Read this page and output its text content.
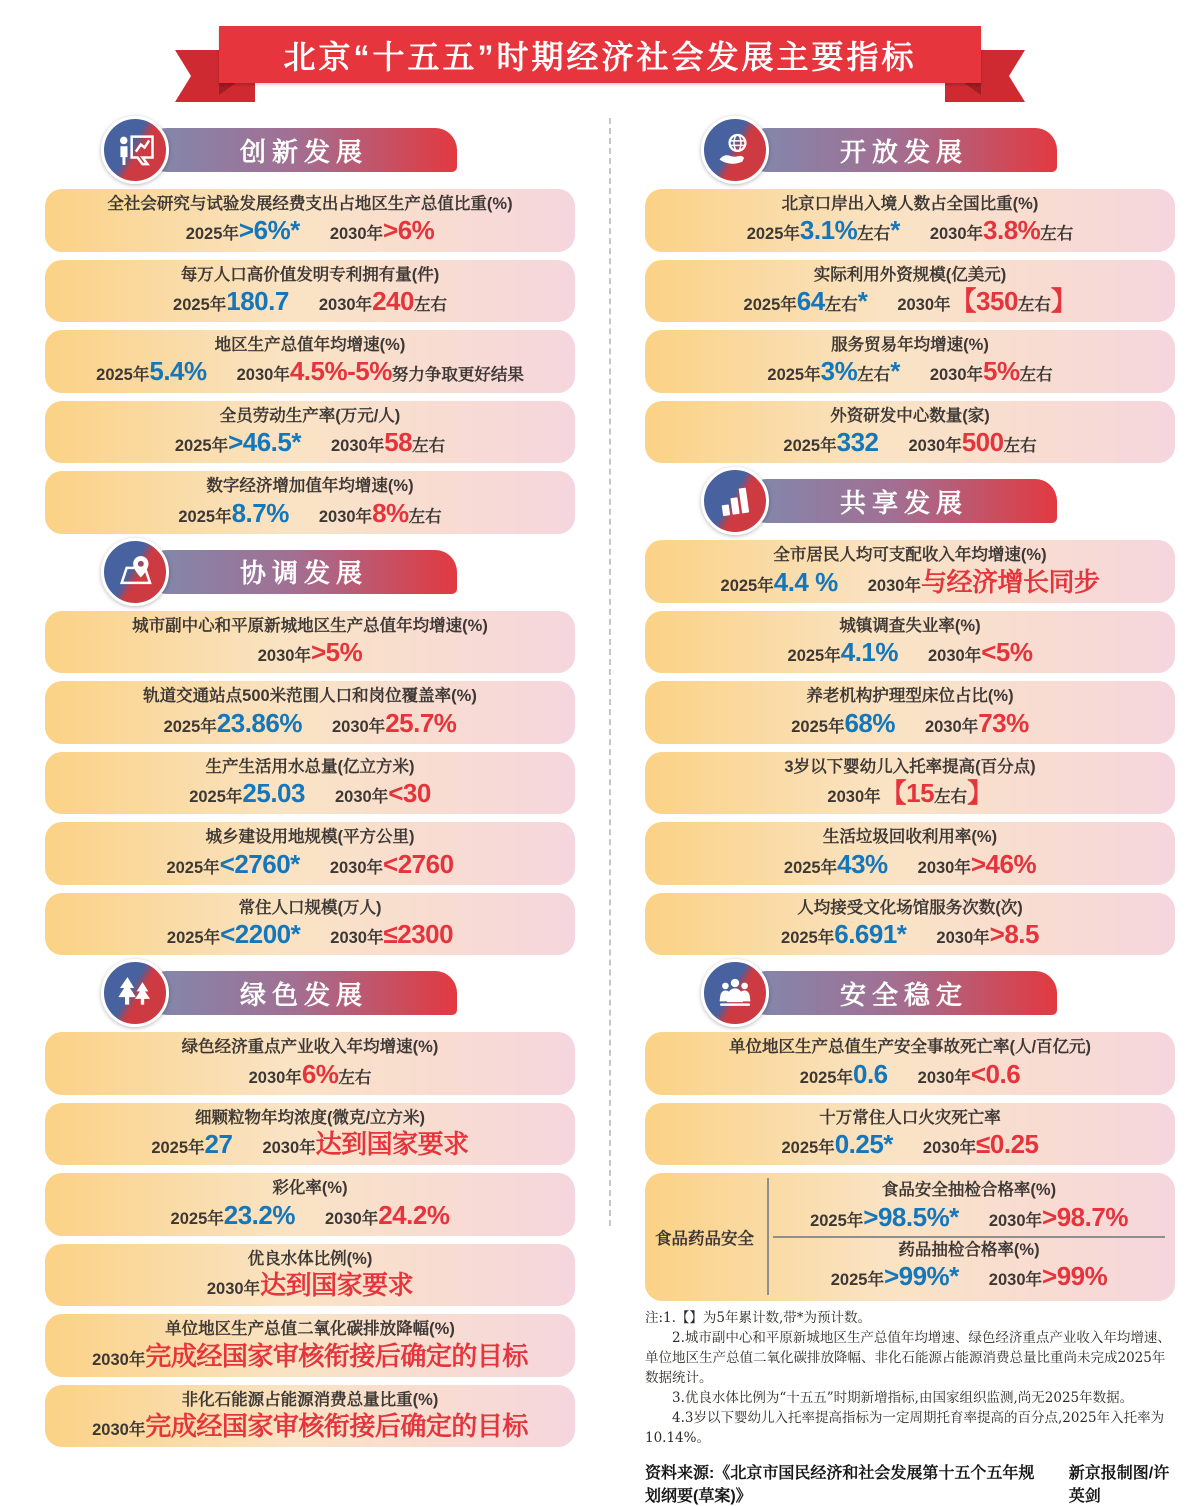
北京“十五五”时期经济社会发展主要指标
创新发展
全社会研究与试验发展经费支出占地区生产总值比重(%)
2025年>6%* 2030年>6%
每万人口高价值发明专利拥有量(件)
2025年180.7 2030年240左右
地区生产总值年均增速(%)
2025年5.4% 2030年4.5%-5%努力争取更好结果
全员劳动生产率(万元/人)
2025年>46.5* 2030年58左右
数字经济增加值年均增速(%)
2025年8.7% 2030年8%左右
协调发展
城市副中心和平原新城地区生产总值年均增速(%)
2030年>5%
轨道交通站点500米范围人口和岗位覆盖率(%)
2025年23.86% 2030年25.7%
生产生活用水总量(亿立方米)
2025年25.03 2030年<30
城乡建设用地规模(平方公里)
2025年<2760* 2030年<2760
常住人口规模(万人)
2025年<2200* 2030年≤2300
绿色发展
绿色经济重点产业收入年均增速(%)
2030年6%左右
细颗粒物年均浓度(微克/立方米)
2025年27 2030年达到国家要求
彩化率(%)
2025年23.2% 2030年24.2%
优良水体比例(%)
2030年达到国家要求
单位地区生产总值二氧化碳排放降幅(%)
2030年完成经国家审核衔接后确定的目标
非化石能源占能源消费总量比重(%)
2030年完成经国家审核衔接后确定的目标
开放发展
北京口岸出入境人数占全国比重(%)
2025年3.1%左右* 2030年3.8%左右
实际利用外资规模(亿美元)
2025年64左右* 2030年【350左右】
服务贸易年均增速(%)
2025年3%左右* 2030年5%左右
外资研发中心数量(家)
2025年332 2030年500左右
共享发展
全市居民人均可支配收入年均增速(%)
2025年4.4 % 2030年与经济增长同步
城镇调查失业率(%)
2025年4.1% 2030年<5%
养老机构护理型床位占比(%)
2025年68% 2030年73%
3岁以下婴幼儿入托率提高(百分点)
2030年【15左右】
生活垃圾回收利用率(%)
2025年43% 2030年>46%
人均接受文化场馆服务次数(次)
2025年6.691* 2030年>8.5
安全稳定
单位地区生产总值生产安全事故死亡率(人/百亿元)
2025年0.6 2030年<0.6
十万常住人口火灾死亡率
2025年0.25* 2030年≤0.25
食品药品安全
食品安全抽检合格率(%)
2025年>98.5%* 2030年>98.7%
药品抽检合格率(%)
2025年>99%* 2030年>99%

注:1.【】为5年累计数,带*为预计数。

2.城市副中心和平原新城地区生产总值年均增速、绿色经济重点产业收入年均增速、单位地区生产总值二氧化碳排放降幅、非化石能源占能源消费总量比重尚未完成2025年数据统计。

3.优良水体比例为“十五五”时期新增指标,由国家组织监测,尚无2025年数据。

4.3岁以下婴幼儿入托率提高指标为一定周期托育率提高的百分点,2025年入托率为10.14%。

资料来源:《北京市国民经济和社会发展第十五个五年规划纲要(草案)》
新京报制图/许英剑
